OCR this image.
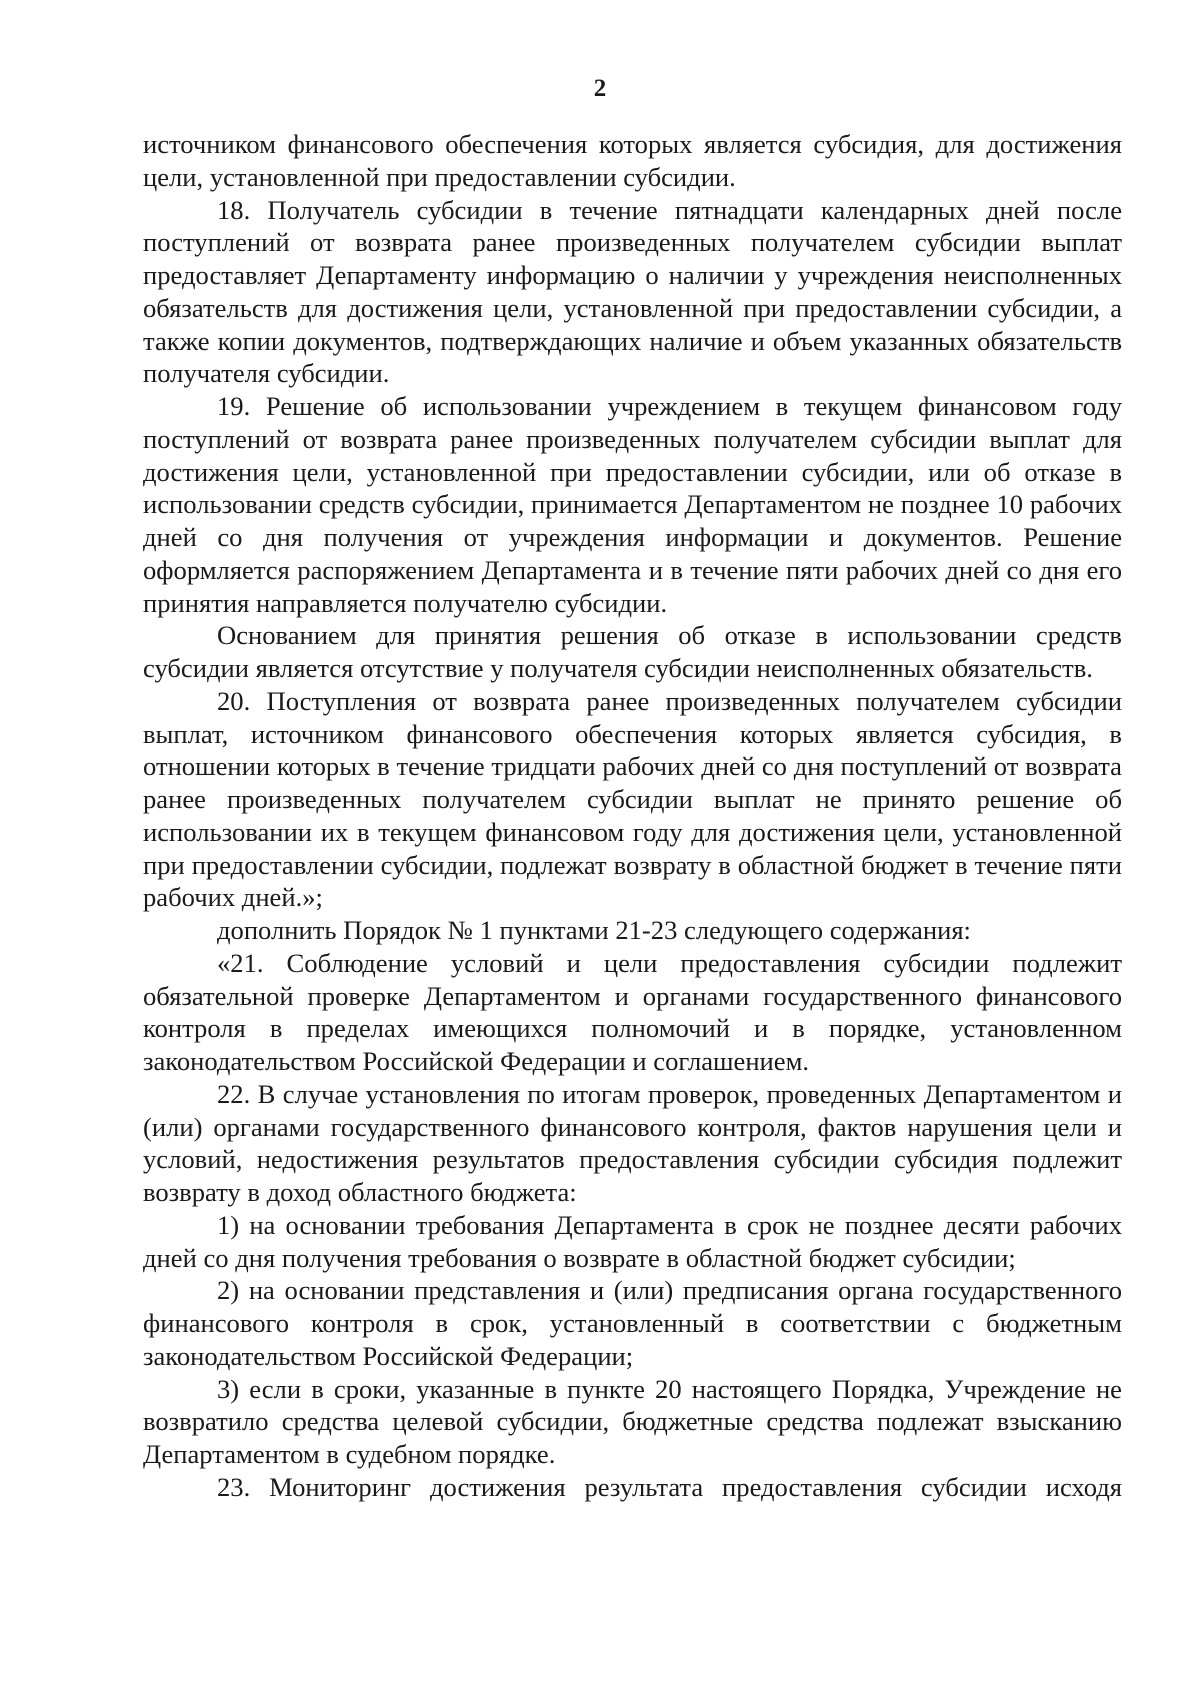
2

источником финансового обеспечения которых является субсидия, для достижения цели, установленной при предоставлении субсидии.

18. Получатель субсидии в течение пятнадцати календарных дней после поступлений от возврата ранее произведенных получателем субсидии выплат предоставляет Департаменту информацию о наличии у учреждения неисполненных обязательств для достижения цели, установленной при предоставлении субсидии, а также копии документов, подтверждающих наличие и объем указанных обязательств получателя субсидии.

19. Решение об использовании учреждением в текущем финансовом году поступлений от возврата ранее произведенных получателем субсидии выплат для достижения цели, установленной при предоставлении субсидии, или об отказе в использовании средств субсидии, принимается Департаментом не позднее 10 рабочих дней со дня получения от учреждения информации и документов. Решение оформляется распоряжением Департамента и в течение пяти рабочих дней со дня его принятия направляется получателю субсидии.

Основанием для принятия решения об отказе в использовании средств субсидии является отсутствие у получателя субсидии неисполненных обязательств.

20. Поступления от возврата ранее произведенных получателем субсидии выплат, источником финансового обеспечения которых является субсидия, в отношении которых в течение тридцати рабочих дней со дня поступлений от возврата ранее произведенных получателем субсидии выплат не принято решение об использовании их в текущем финансовом году для достижения цели, установленной при предоставлении субсидии, подлежат возврату в областной бюджет в течение пяти рабочих дней.»;

дополнить Порядок № 1 пунктами 21-23 следующего содержания:

«21. Соблюдение условий и цели предоставления субсидии подлежит обязательной проверке Департаментом и органами государственного финансового контроля в пределах имеющихся полномочий и в порядке, установленном законодательством Российской Федерации и соглашением.

22. В случае установления по итогам проверок, проведенных Департаментом и (или) органами государственного финансового контроля, фактов нарушения цели и условий, недостижения результатов предоставления субсидии субсидия подлежит возврату в доход областного бюджета:

1) на основании требования Департамента в срок не позднее десяти рабочих дней со дня получения требования о возврате в областной бюджет субсидии;

2) на основании представления и (или) предписания органа государственного финансового контроля в срок, установленный в соответствии с бюджетным законодательством Российской Федерации;

3) если в сроки, указанные в пункте 20 настоящего Порядка, Учреждение не возвратило средства целевой субсидии, бюджетные средства подлежат взысканию Департаментом в судебном порядке.

23. Мониторинг достижения результата предоставления субсидии исходя
